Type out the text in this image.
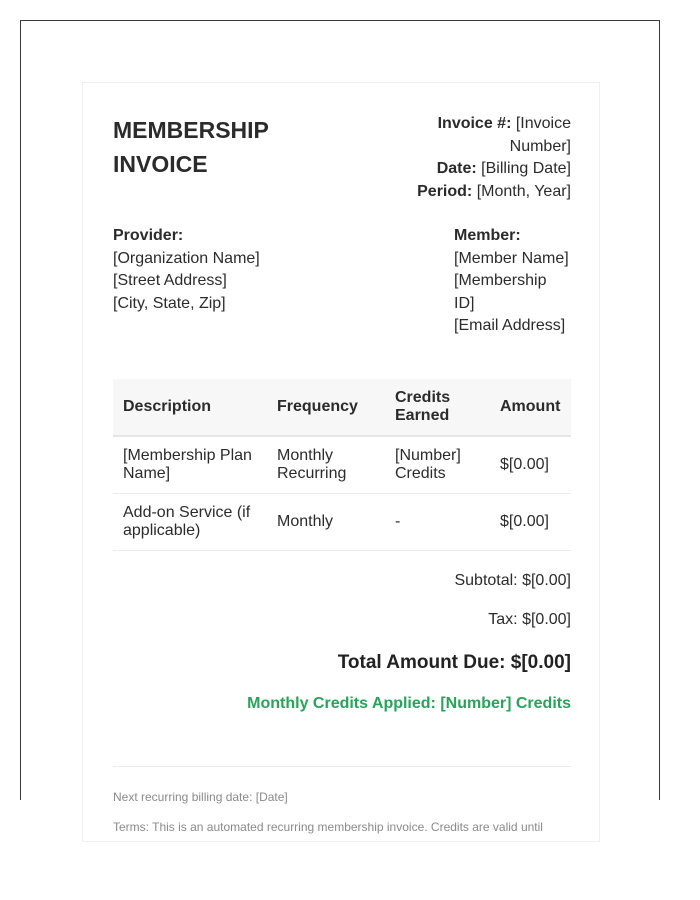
MEMBERSHIP INVOICE
Invoice #: [Invoice Number]
Date: [Billing Date]
Period: [Month, Year]
Provider:
[Organization Name]
[Street Address]
[City, State, Zip]
Member:
[Member Name]
[Membership ID]
[Email Address]
Description	Frequency	Credits Earned	Amount
[Membership Plan Name]	Monthly Recurring	[Number] Credits	$[0.00]
Add-on Service (if applicable)	Monthly	-	$[0.00]
Subtotal: $[0.00]
Tax: $[0.00]
Total Amount Due: $[0.00]
Monthly Credits Applied: [Number] Credits
Next recurring billing date: [Date]
Terms: This is an automated recurring membership invoice. Credits are valid until
